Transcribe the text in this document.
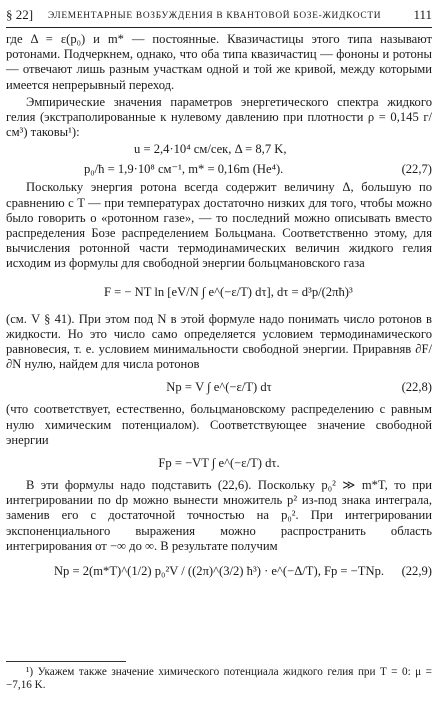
§ 22] ЭЛЕМЕНТАРНЫЕ ВОЗБУЖДЕНИЯ В КВАНТОВОЙ БОЗЕ-ЖИДКОСТИ 111

где Δ = ε(p₀) и m* — постоянные. Квазичастицы этого типа называют ротонами. Подчеркнем, однако, что оба типа квазичастиц — фононы и ротоны — отвечают лишь разным участкам одной и той же кривой, между которыми имеется непрерывный переход.

Эмпирические значения параметров энергетического спектра жидкого гелия (экстраполированные к нулевому давлению при плотности ρ = 0,145 г/см³) таковы¹):

u = 2,4·10⁴ см/сек, Δ = 8,7 K,
p₀/ħ = 1,9·10⁸ см⁻¹, m* = 0,16m (He⁴).	(22,7)

Поскольку энергия ротона всегда содержит величину Δ, большую по сравнению с T — при температурах достаточно низких для того, чтобы можно было говорить о «ротонном газе», — то последний можно описывать вместо распределения Бозе распределением Больцмана. Соответственно этому, для вычисления ротонной части термодинамических величин жидкого гелия исходим из формулы для свободной энергии больцмановского газа

F = − NT ln [eV/N ∫ e^(−ε/T) dτ], dτ = d³p/(2πħ)³

(см. V § 41). При этом под N в этой формуле надо понимать число ротонов в жидкости. Но это число само определяется условием термодинамического равновесия, т. е. условием минимальности свободной энергии. Приравняв ∂F/∂N нулю, найдем для числа ротонов

Nр = V ∫ e^(−ε/T) dτ	(22,8)

(что соответствует, естественно, больцмановскому распределению с равным нулю химическим потенциалом). Соответствующее значение свободной энергии

Fр = −VT ∫ e^(−ε/T) dτ.

В эти формулы надо подставить (22,6). Поскольку p₀² ≫ m*T, то при интегрировании по dp можно вынести множитель p² из-под знака интеграла, заменив его с достаточной точностью на p₀². При интегрировании экспоненциального выражения можно распространить область интегрирования от −∞ до ∞. В результате получим

Nр = 2(m*T)^(1/2) p₀²V / ((2π)^(3/2) ħ³) · e^(−Δ/T), Fр = −TNр. (22,9)
¹) Укажем также значение химического потенциала жидкого гелия при T = 0: μ = −7,16 K.
